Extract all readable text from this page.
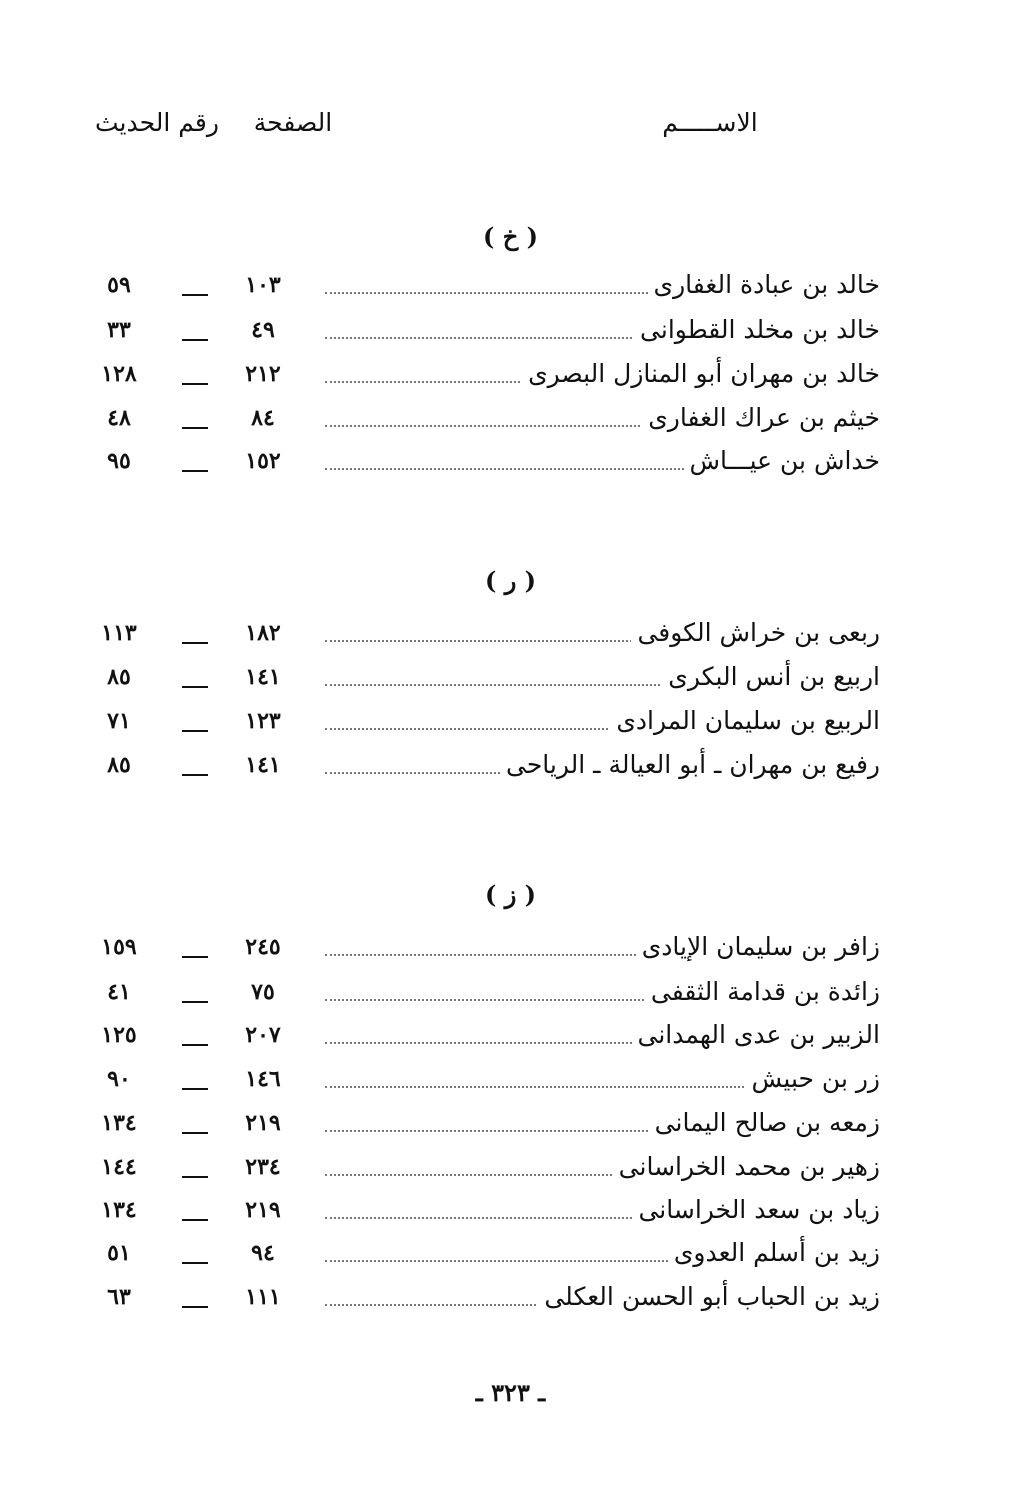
الاســـــم
الصفحة
رقم الحديث
( خ )
خالد بن عبادة الغفارى
١٠٣
٥٩
خالد بن مخلد القطوانى
٤٩
٣٣
خالد بن مهران أبو المنازل البصرى
٢١٢
١٢٨
خيثم بن عراك الغفارى
٨٤
٤٨
خداش بن عيـــاش
١٥٢
٩٥
( ر )
ربعى بن خراش الكوفى
١٨٢
١١٣
اربيع بن أنس البكرى
١٤١
٨٥
الربيع بن سليمان المرادى
١٢٣
٧١
رفيع بن مهران ـ أبو العيالة ـ الرياحى
١٤١
٨٥
( ز )
زافر بن سليمان الإيادى
٢٤٥
١٥٩
زائدة بن قدامة الثقفى
٧٥
٤١
الزبير بن عدى الهمدانى
٢٠٧
١٢٥
زر بن حبيش
١٤٦
٩٠
زمعه بن صالح اليمانى
٢١٩
١٣٤
زهير بن محمد الخراسانى
٢٣٤
١٤٤
زياد بن سعد الخراسانى
٢١٩
١٣٤
زيد بن أسلم العدوى
٩٤
٥١
زيد بن الحباب أبو الحسن العكلى
١١١
٦٣
ـ ٣٢٣ ـ
